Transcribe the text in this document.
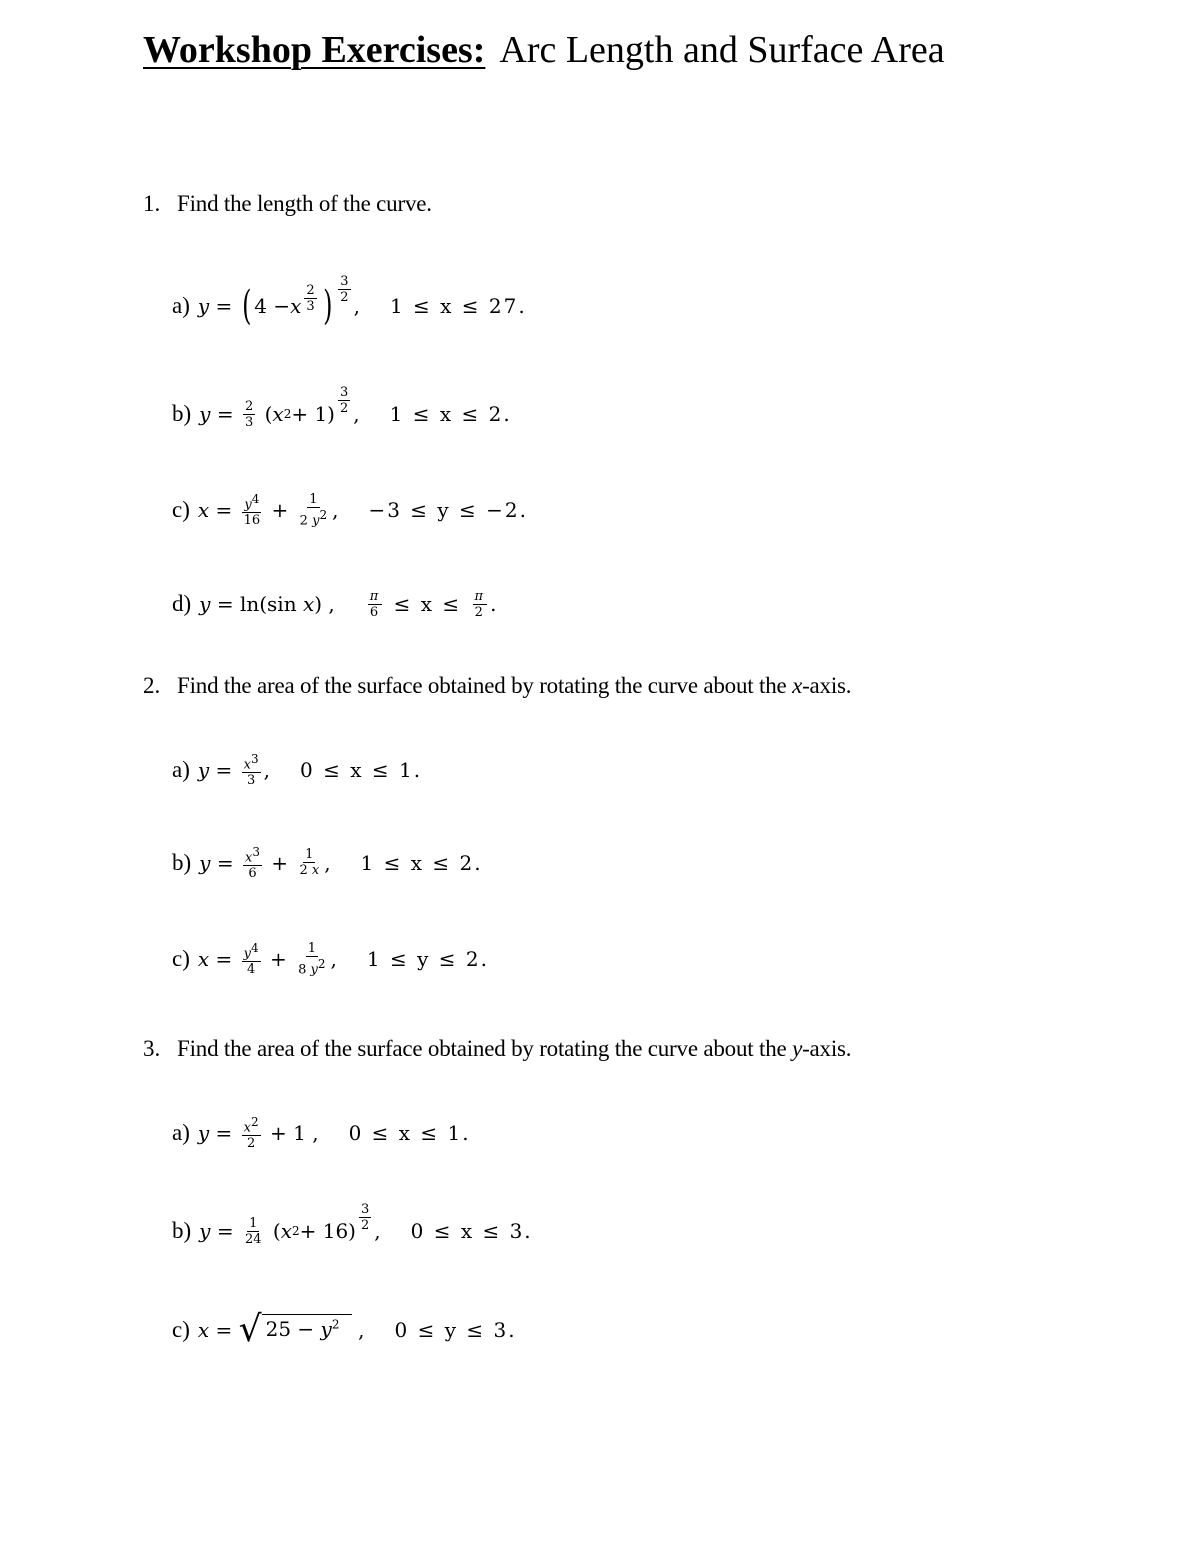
Workshop Exercises: Arc Length and Surface Area
1. Find the length of the curve.
a) y = ( 4 − x $\frac{2}{3}$ ) $\frac{3}{2}$
, 1 ≤ x ≤ 27.
b) $y = \frac{2}{3}$ ( x $2 + 1) \frac{3}{2}$ , 1 ≤ x ≤ 2.
c) $x = \frac{y^4}{16} + \frac{1}{2 y^2}$ , −3 ≤ y ≤ −2.
d) y = ln(sin x ) ,	$\frac{\pi}{6}$
≤ x ≤
$\frac{\pi}{2}$ .
2. Find the area of the surface obtained by rotating the curve about the x-axis.
a) $y = \frac{x^3}{3}$ , 0 ≤ x ≤ 1.
b) $y = \frac{x^3}{6} + \frac{1}{2 x}$ , 1 ≤ x ≤ 2.
c) $x = \frac{y^4}{4} + \frac{1}{8 y^2}$ , 1 ≤ y ≤ 2.
3. Find the area of the surface obtained by rotating the curve about the y-axis.
a) $y = \frac{x^2}{2} + 1$ , 0 ≤ x ≤ 1.
b) $y = \frac{1}{24}$ ( x $2 + 16) \frac{3}{2}$ , 0 ≤ x ≤ 3.
c) x = √ $25 - y^2$ , 0 ≤ y ≤ 3.
